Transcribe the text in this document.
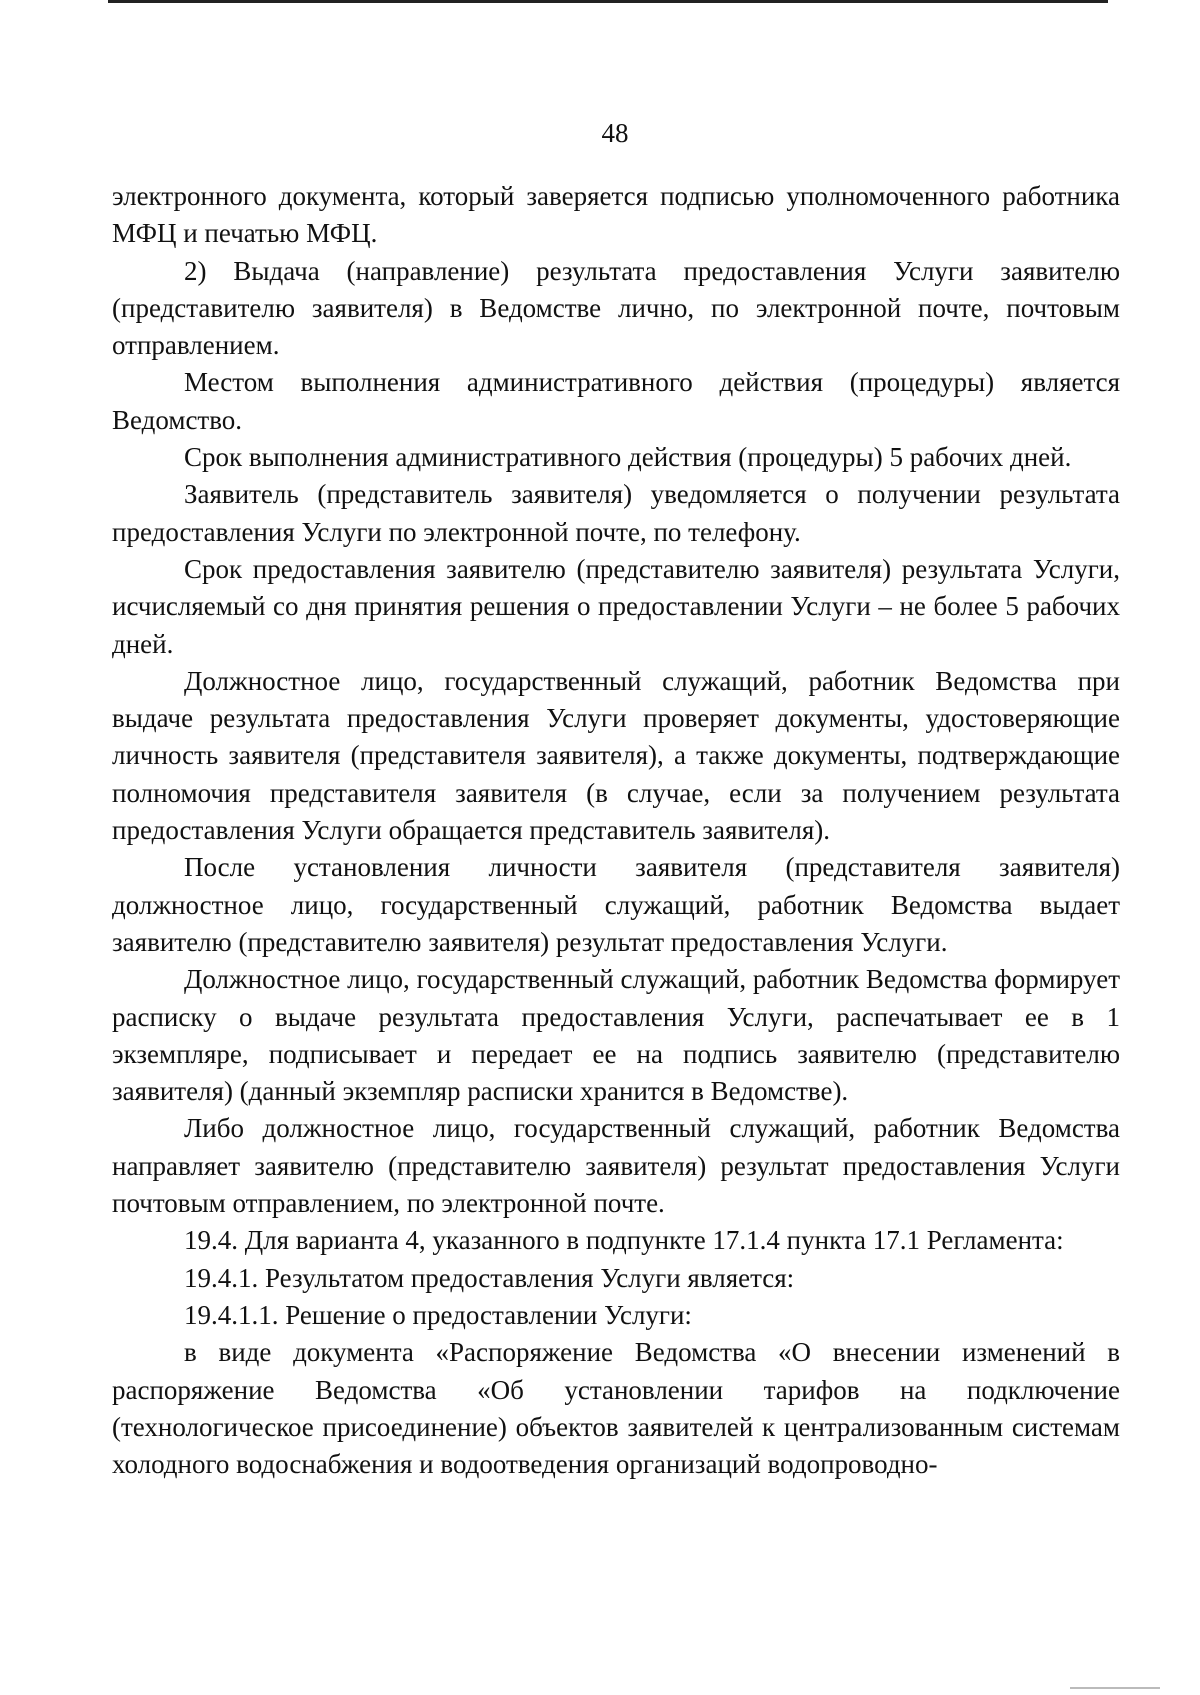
48

электронного документа, который заверяется подписью уполномоченного работника МФЦ и печатью МФЦ.

2) Выдача (направление) результата предоставления Услуги заявителю (представителю заявителя) в Ведомстве лично, по электронной почте, почтовым отправлением.

Местом выполнения административного действия (процедуры) является Ведомство.

Срок выполнения административного действия (процедуры) 5 рабочих дней.

Заявитель (представитель заявителя) уведомляется о получении результата предоставления Услуги по электронной почте, по телефону.

Срок предоставления заявителю (представителю заявителя) результата Услуги, исчисляемый со дня принятия решения о предоставлении Услуги – не более 5 рабочих дней.

Должностное лицо, государственный служащий, работник Ведомства при выдаче результата предоставления Услуги проверяет документы, удостоверяющие личность заявителя (представителя заявителя), а также документы, подтверждающие полномочия представителя заявителя (в случае, если за получением результата предоставления Услуги обращается представитель заявителя).

После установления личности заявителя (представителя заявителя) должностное лицо, государственный служащий, работник Ведомства выдает заявителю (представителю заявителя) результат предоставления Услуги.

Должностное лицо, государственный служащий, работник Ведомства формирует расписку о выдаче результата предоставления Услуги, распечатывает ее в 1 экземпляре, подписывает и передает ее на подпись заявителю (представителю заявителя) (данный экземпляр расписки хранится в Ведомстве).

Либо должностное лицо, государственный служащий, работник Ведомства направляет заявителю (представителю заявителя) результат предоставления Услуги почтовым отправлением, по электронной почте.

19.4. Для варианта 4, указанного в подпункте 17.1.4 пункта 17.1 Регламента:

19.4.1. Результатом предоставления Услуги является:

19.4.1.1. Решение о предоставлении Услуги:

в виде документа «Распоряжение Ведомства «О внесении изменений в распоряжение Ведомства «Об установлении тарифов на подключение (технологическое присоединение) объектов заявителей к централизованным системам холодного водоснабжения и водоотведения организаций водопроводно-
